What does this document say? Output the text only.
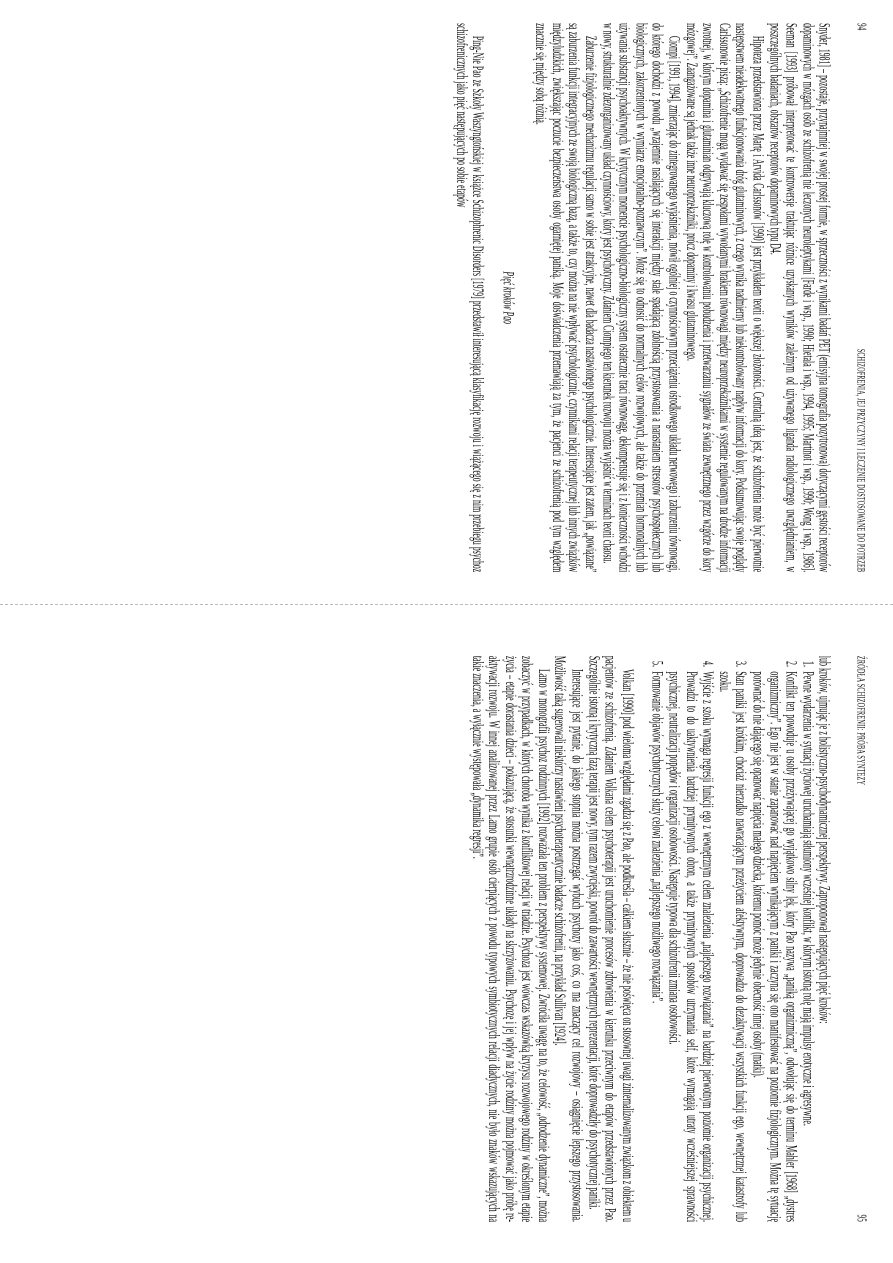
94
SCHIZOFRENIA, JEJ PRZYCZYNY I LECZENIE DOSTOSOWANE DO POTRZEB

Snyder, 1981] – pozostaje, przynajmniej w swojej prostej formie, w sprzeczności z wynikami badań PET (emisyjna tomografia pozytronowa) dotyczącymi gęstości receptorów dopaminowych w mózgach osób ze schizofrenią nie leczonych neuroleptykami [Farde i wsp., 1990; Hietala i wsp., 1994, 1995; Martinot i wsp., 1990; Wong i wsp., 1986]. Seeman [1993] próbował interpretować te kontrowersje traktując różnice uzyskanych wyników zależnym od używanego liganda radiologicznego uwzględnianiem, w poszczególnych badaniach, obszarów receptorów dopaminowych typu D4.

Hipoteza przedstawiona przez Martę i Arvida Carlssonów [1990] jest przykładem teorii o większej złożoności. Centralną ideą jest, że schizofrenia może być pierwotnie następstwem nieadekwatnego funkcjonowania dróg glutaminowych, z czego wynika nadmierny lub niekontrolowany napływ informacji do kory. Podsumowując swoje poglądy Carlssonowie piszą: „Schizofrenie mogą wydawać się zespołami wywołanymi brakiem równowagi między neuroprzekaźnikami w systemie regulowanym na drodze informacji zwrotnej, w którym dopamina i glutaminian odgrywają kluczową rolę w kontrolowaniu pobudzenia i przetwarzaniu sygnałów ze świata zewnętrznego przez wzgórze do kory mózgowej”. Zaangażowane są jednak także inne neuroprzekaźniki, prócz dopaminy i kwasu glutaminowego.

Ciompi [1991, 1994], zmierzając do zintegrowanego wyjaśnienia, mówił ogólniej o czynnościowym przeciążeniu ośrodkowego układu nerwowego i zaburzeniu równowagi, do którego dochodzi z powodu „wzajemnie nasilających się interakcji między stale spadającą zdolnością przystosowania a narastaniem stresorów psychospołecznych lub biologicznych, zakorzenionych w wymiarze emocjonalno-poznawczym”. Może się to odnosić do normalnych celów rozwojowych, ale także do przemian hormonalnych lub używania substancji psychoaktywnych. W krytycznym momencie psychologiczno-biologiczny system ostatecznie traci równowagę, dekompensuje się i z konieczności wchodzi w nowy, strukturalnie zdezorganizowany układ czynnościowy, który jest psychotyczny. Zdaniem Ciompiego ten kierunek rozwoju można wyjaśnić w terminach teorii chaosu.

Zaburzenie fizjologicznego mechanizmu regulacji samo w sobie jest atrakcyjne, nawet dla badacza nastawionego psychologicznie. Interesujące jest zatem, jak „powiązane” są zaburzenia funkcji integracyjnych ze swoją biologiczną bazą, a także to, czy można na nie wpływać psychologicznie, czynnikami relacji terapeutycznej lub innych związków międzyludzkich, zwiększając poczucie bezpieczeństwa osoby ogarniętej paniką. Moje doświadczenia przemawiają za tym, że pacjenci ze schizofrenią pod tym względem znacznie się między sobą różnią.

Pięć kroków Pao

Ping-Nie Pao ze Szkoły Waszyngtońskiej w książce Schizophrenic Disorders [1979] przedstawił interesującą klasyfikację rozwoju i wiążącego się z nim przebiegu psychoz schizofrenicznych jako pięć następujących po sobie etapów

ŹRÓDŁA SCHIZOFRENII: PRÓBA SYNTEZY
95

lub kroków, ujmując je z holistyczno-psychodynamicznej perspektywy. Zaproponował następujących pięć kroków:

1. Pewne wydarzenia w sytuacji życiowej uruchamiają stłumiony wcześniej konflikt, w którym istotną rolę mają impulsy erotyczne i agresywne.
2. Konflikt ten powoduje u osoby przeżywającej go wyjątkowo silny lęk, który Pao nazywa „paniką organizmiczną”, odwołując się do terminu Mahler [1968] „dystres organizmiczny”. Ego nie jest w stanie zapanować nad napięciem wynikającym z paniki i zaczyna się ono manifestować na poziomie fizjologicznym. Można tę sytuację porównać do nie dającego się opanować napięcia małego dziecka, któremu pomóc może jedynie obecność innej osoby (matki).
3. Stan paniki jest krótkim, chociaż nierzadko nawracającym przeżyciem afektywnym, doprowadza do dezaktywacji wszystkich funkcji ego, wewnętrznej katastrofy lub szoku.
4. Wyjście z szoku wymaga regresji funkcji ego z wewnętrznym celem znalezienia „najlepszego rozwiązania” na bardziej pierwotnym poziomie organizacji psychicznej. Prowadzi to do uaktywnienia bardziej prymitywnych obron, a także prymitywnych sposobów utrzymania self, które wymagają utraty wcześniejszej sprawności psychicznej, neutralizacji popędów i organizacji osobowości. Następuje typowa dla schizofrenii zmiana osobowości.
5. Formowanie objawów psychotycznych służy celowi znalezienia „najlepszego możliwego rozwiązania”.

Volkan [1990] pod wieloma względami zgadza się z Pao, ale podkreśla – całkiem słusznie – że nie poświęca on stosownej uwagi zinternalizowanym związkom z obiektem u pacjentów ze schizofrenią. Zdaniem Volkana celem psychoterapii jest uruchomienie procesów zdrowienia w kierunku przeciwnym do etapów przedstawionych przez Pao. Szczególnie istotną i krytyczną fazą terapii jest nowy, tym razem zwycięski, powrót do zawartości wewnętrznych reprezentacji, które doprowadziły do psychotycznej paniki.

Interesujące jest pytanie, do jakiego stopnia można postrzegać wybuch psychozy jako coś, co ma znaczący cel rozwojowy – osiągnięcie lepszego przystosowania. Możliwość taką sugerowali niektórzy nastawieni psychoterapeutycznie badacze schizofrenii, na przykład Sullivan [1924].

Lamo w monografii psychoz rodzinnych [1992] rozważała ten problem z perspektywy systemowej. Zwróciła uwagę na to, że celowość, „odrodzenie dynamiczne”, można zobaczyć w przypadkach, w których choroba wynika z konfliktowej relacji w triadzie. Psychoza jest wówczas wskazówką kryzysu rozwojowego rodziny w określonym etapie życia – etapie dorastania dzieci – pokazującą, że stosunki wewnątrzrodzinne układy na skrzyżowaniu. Psychozę i jej wpływ na życie rodziny można pojmować jako próbę re-aktywacji rozwoju. W innej analizowanej przez Lamo grupie osób cierpiących z powodu typowych symbiotycznych relacji diadycznych, nie było znaków wskazujących na takie znaczenia, a wyłącznie występowała „dynamika regresji”.
